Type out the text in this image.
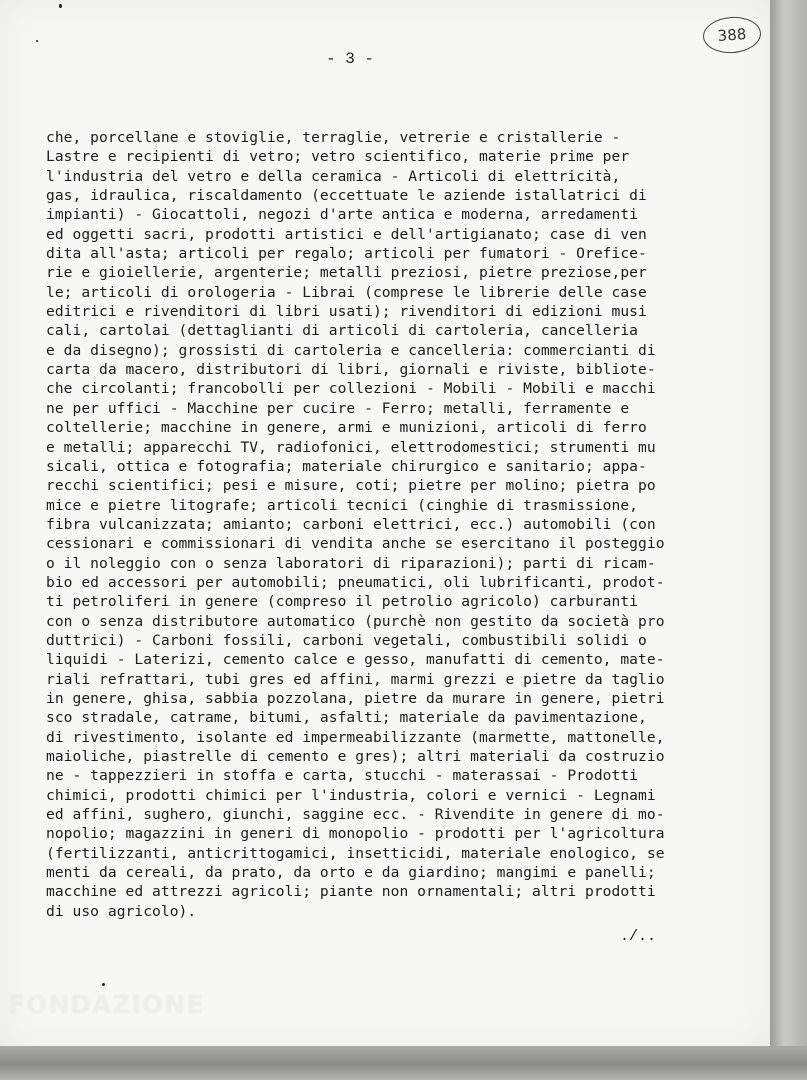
- 3 -
388
che, porcellane e stoviglie, terraglie, vetrerie e cristallerie -
Lastre e recipienti di vetro; vetro scientifico, materie prime per
l'industria del vetro e della ceramica - Articoli di elettricità,
gas, idraulica, riscaldamento (eccettuate le aziende istallatrici di
impianti) - Giocattoli, negozi d'arte antica e moderna, arredamenti
ed oggetti sacri, prodotti artistici e dell'artigianato; case di ven
dita all'asta; articoli per regalo; articoli per fumatori - Orefice-
rie e gioiellerie, argenterie; metalli preziosi, pietre preziose,per
le; articoli di orologeria - Librai (comprese le librerie delle case
editrici e rivenditori di libri usati); rivenditori di edizioni musi
cali, cartolai (dettaglianti di articoli di cartoleria, cancelleria
e da disegno); grossisti di cartoleria e cancelleria: commercianti di
carta da macero, distributori di libri, giornali e riviste, bibliote-
che circolanti; francobolli per collezioni - Mobili - Mobili e macchi
ne per uffici - Macchine per cucire - Ferro; metalli, ferramente e
coltellerie; macchine in genere, armi e munizioni, articoli di ferro
e metalli; apparecchi TV, radiofonici, elettrodomestici; strumenti mu
sicali, ottica e fotografia; materiale chirurgico e sanitario; appa-
recchi scientifici; pesi e misure, coti; pietre per molino; pietra po
mice e pietre litografe; articoli tecnici (cinghie di trasmissione,
fibra vulcanizzata; amianto; carboni elettrici, ecc.) automobili (con
cessionari e commissionari di vendita anche se esercitano il posteggio
o il noleggio con o senza laboratori di riparazioni); parti di ricam-
bio ed accessori per automobili; pneumatici, oli lubrificanti, prodot-
ti petroliferi in genere (compreso il petrolio agricolo) carburanti
con o senza distributore automatico (purchè non gestito da società pro
duttrici) - Carboni fossili, carboni vegetali, combustibili solidi o
liquidi - Laterizi, cemento calce e gesso, manufatti di cemento, mate-
riali refrattari, tubi gres ed affini, marmi grezzi e pietre da taglio
in genere, ghisa, sabbia pozzolana, pietre da murare in genere, pietri
sco stradale, catrame, bitumi, asfalti; materiale da pavimentazione,
di rivestimento, isolante ed impermeabilizzante (marmette, mattonelle,
maioliche, piastrelle di cemento e gres); altri materiali da costruzio
ne - tappezzieri in stoffa e carta, stucchi - materassai - Prodotti
chimici, prodotti chimici per l'industria, colori e vernici - Legnami
ed affini, sughero, giunchi, saggine ecc. - Rivendite in genere di mo-
nopolio; magazzini in generi di monopolio - prodotti per l'agricoltura
(fertilizzanti, anticrittogamici, insetticidi, materiale enologico, se
menti da cereali, da prato, da orto e da giardino; mangimi e panelli;
macchine ed attrezzi agricoli; piante non ornamentali; altri prodotti
di uso agricolo).
./..
FONDAZIONE
